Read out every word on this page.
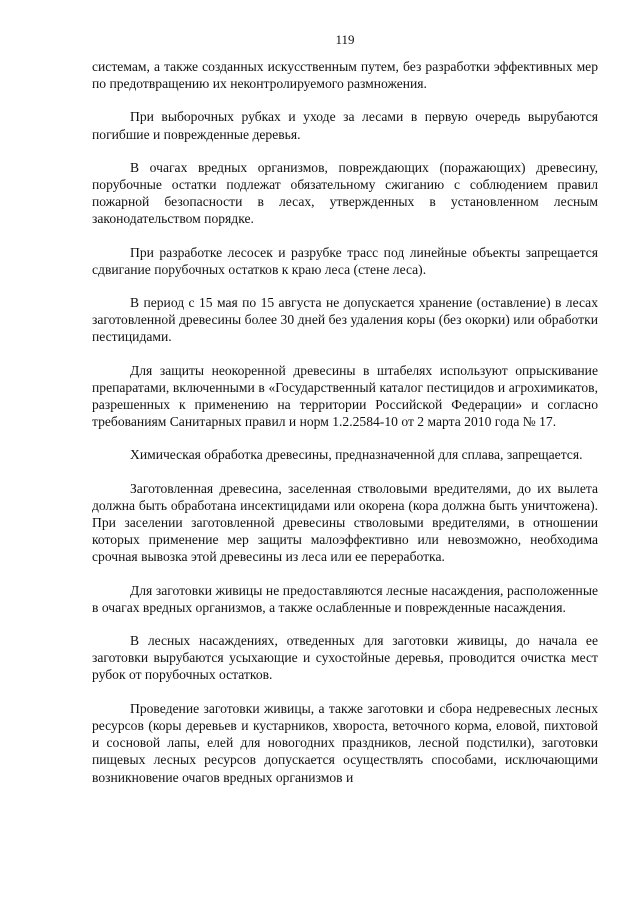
119

системам, а также созданных искусственным путем, без разработки эффективных мер по предотвращению их неконтролируемого размножения.

При выборочных рубках и уходе за лесами в первую очередь вырубаются погибшие и поврежденные деревья.

В очагах вредных организмов, повреждающих (поражающих) древесину, порубочные остатки подлежат обязательному сжиганию с соблюдением правил пожарной безопасности в лесах, утвержденных в установленном лесным законодательством порядке.

При разработке лесосек и разрубке трасс под линейные объекты запрещается сдвигание порубочных остатков к краю леса (стене леса).

В период с 15 мая по 15 августа не допускается хранение (оставление) в лесах заготовленной древесины более 30 дней без удаления коры (без окорки) или обработки пестицидами.

Для защиты неокоренной древесины в штабелях используют опрыскивание препаратами, включенными в «Государственный каталог пестицидов и агрохимикатов, разрешенных к применению на территории Российской Федерации» и согласно требованиям Санитарных правил и норм 1.2.2584-10 от 2 марта 2010 года № 17.

Химическая обработка древесины, предназначенной для сплава, запрещается.

Заготовленная древесина, заселенная стволовыми вредителями, до их вылета должна быть обработана инсектицидами или окорена (кора должна быть уничтожена). При заселении заготовленной древесины стволовыми вредителями, в отношении которых применение мер защиты малоэффективно или невозможно, необходима срочная вывозка этой древесины из леса или ее переработка.

Для заготовки живицы не предоставляются лесные насаждения, расположенные в очагах вредных организмов, а также ослабленные и поврежденные насаждения.

В лесных насаждениях, отведенных для заготовки живицы, до начала ее заготовки вырубаются усыхающие и сухостойные деревья, проводится очистка мест рубок от порубочных остатков.

Проведение заготовки живицы, а также заготовки и сбора недревесных лесных ресурсов (коры деревьев и кустарников, хвороста, веточного корма, еловой, пихтовой и сосновой лапы, елей для новогодних праздников, лесной подстилки), заготовки пищевых лесных ресурсов допускается осуществлять способами, исключающими возникновение очагов вредных организмов и
